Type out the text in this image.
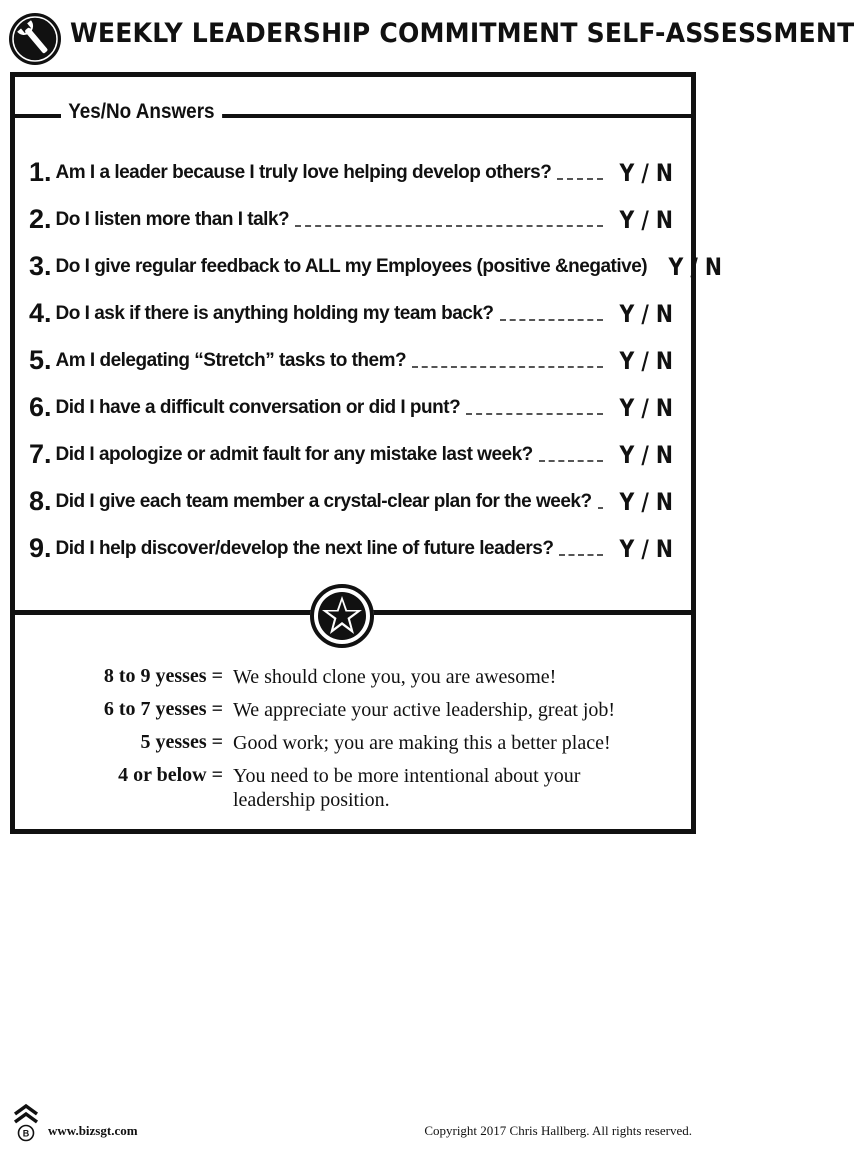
WEEKLY LEADERSHIP COMMITMENT SELF-ASSESSMENT
Yes/No Answers
1. Am I a leader because I truly love helping develop others?	Y / N
2. Do I listen more than I talk?	Y / N
3. Do I give regular feedback to ALL my Employees (positive &negative) Y / N
4. Do I ask if there is anything holding my team back?	Y / N
5. Am I delegating “Stretch” tasks to them?	Y / N
6. Did I have a difficult conversation or did I punt?	Y / N
7. Did I apologize or admit fault for any mistake last week?	Y / N
8. Did I give each team member a crystal-clear plan for the week? Y / N
9. Did I help discover/develop the next line of future leaders?	Y / N
8 to 9 yesses = We should clone you, you are awesome!
6 to 7 yesses = We appreciate your active leadership, great job!
5 yesses = Good work; you are making this a better place!
4 or below = You need to be more intentional about your leadership position.
B www.bizsgt.com	Copyright 2017 Chris Hallberg. All rights reserved.
